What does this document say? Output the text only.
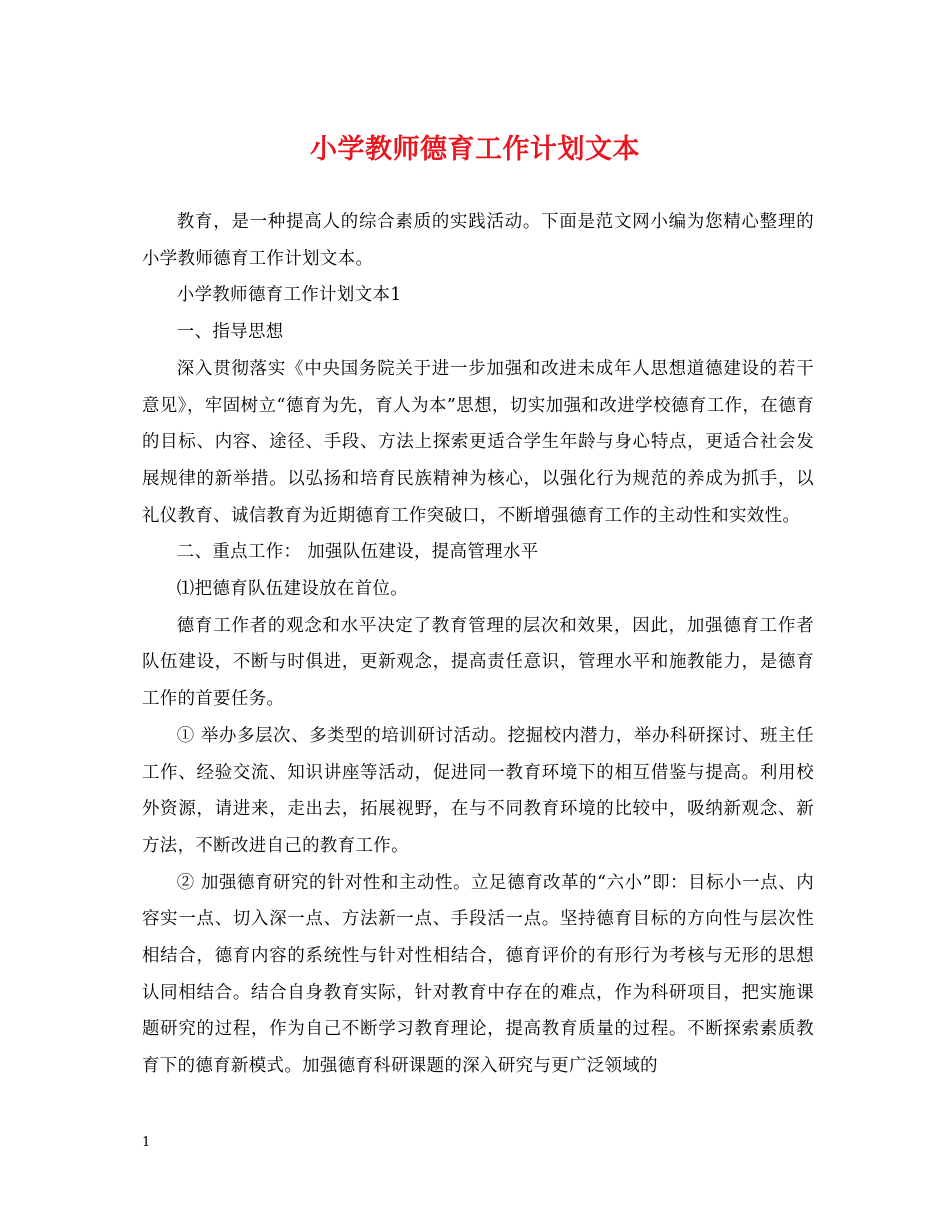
小学教师德育工作计划文本

教育，是一种提高人的综合素质的实践活动。下面是范文网小编为您精心整理的小学教师德育工作计划文本。

小学教师德育工作计划文本1

一、指导思想

深入贯彻落实《中央国务院关于进一步加强和改进未成年人思想道德建设的若干意见》，牢固树立“德育为先，育人为本”思想，切实加强和改进学校德育工作，在德育的目标、内容、途径、手段、方法上探索更适合学生年龄与身心特点，更适合社会发展规律的新举措。以弘扬和培育民族精神为核心，以强化行为规范的养成为抓手，以礼仪教育、诚信教育为近期德育工作突破口，不断增强德育工作的主动性和实效性。

二、重点工作： 加强队伍建设，提高管理水平

⑴把德育队伍建设放在首位。

德育工作者的观念和水平决定了教育管理的层次和效果，因此，加强德育工作者队伍建设，不断与时俱进，更新观念，提高责任意识，管理水平和施教能力，是德育工作的首要任务。

① 举办多层次、多类型的培训研讨活动。挖掘校内潜力，举办科研探讨、班主任工作、经验交流、知识讲座等活动，促进同一教育环境下的相互借鉴与提高。利用校外资源，请进来，走出去，拓展视野，在与不同教育环境的比较中，吸纳新观念、新方法，不断改进自己的教育工作。

② 加强德育研究的针对性和主动性。立足德育改革的“六小”即：目标小一点、内容实一点、切入深一点、方法新一点、手段活一点。坚持德育目标的方向性与层次性相结合，德育内容的系统性与针对性相结合，德育评价的有形行为考核与无形的思想认同相结合。结合自身教育实际，针对教育中存在的难点，作为科研项目，把实施课题研究的过程，作为自己不断学习教育理论，提高教育质量的过程。不断探索素质教育下的德育新模式。加强德育科研课题的深入研究与更广泛领域的

1
